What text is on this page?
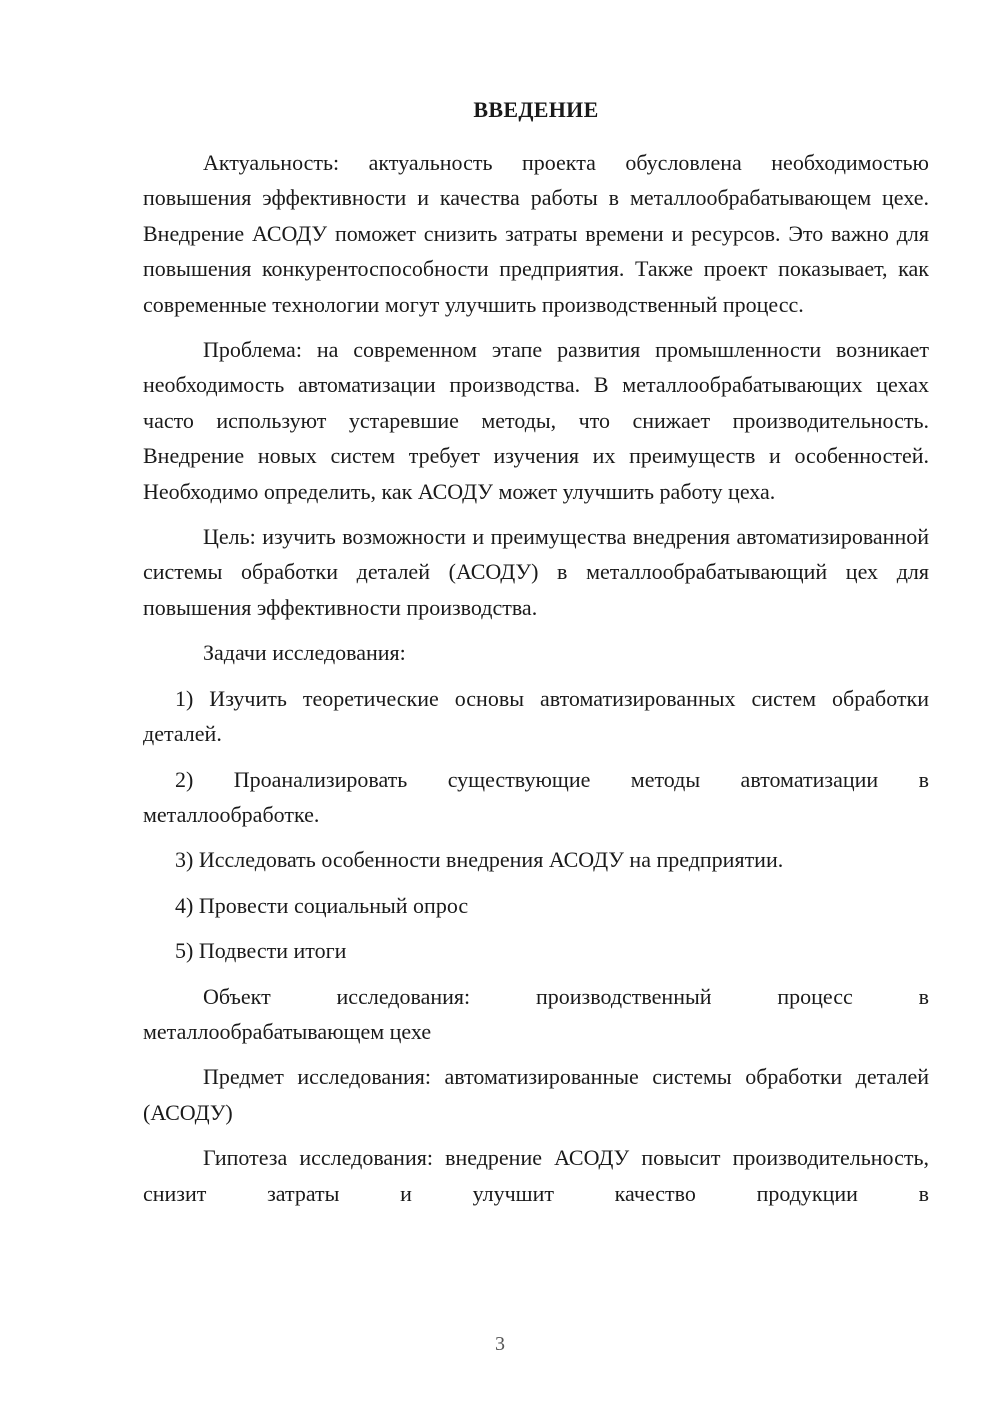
ВВЕДЕНИЕ

Актуальность: актуальность проекта обусловлена необходимостью повышения эффективности и качества работы в металлообрабатывающем цехе. Внедрение АСОДУ поможет снизить затраты времени и ресурсов. Это важно для повышения конкурентоспособности предприятия. Также проект показывает, как современные технологии могут улучшить производственный процесс.

Проблема: на современном этапе развития промышленности возникает необходимость автоматизации производства. В металлообрабатывающих цехах часто используют устаревшие методы, что снижает производительность. Внедрение новых систем требует изучения их преимуществ и особенностей. Необходимо определить, как АСОДУ может улучшить работу цеха.

Цель: изучить возможности и преимущества внедрения автоматизированной системы обработки деталей (АСОДУ) в металлообрабатывающий цех для повышения эффективности производства.

Задачи исследования:

1) Изучить теоретические основы автоматизированных систем обработки деталей.

2) Проанализировать существующие методы автоматизации в металлообработке.

3) Исследовать особенности внедрения АСОДУ на предприятии.

4) Провести социальный опрос

5) Подвести итоги

Объект исследования: производственный процесс в металлообрабатывающем цехе

Предмет исследования: автоматизированные системы обработки деталей (АСОДУ)

Гипотеза исследования: внедрение АСОДУ повысит производительность, снизит затраты и улучшит качество продукции в

3
